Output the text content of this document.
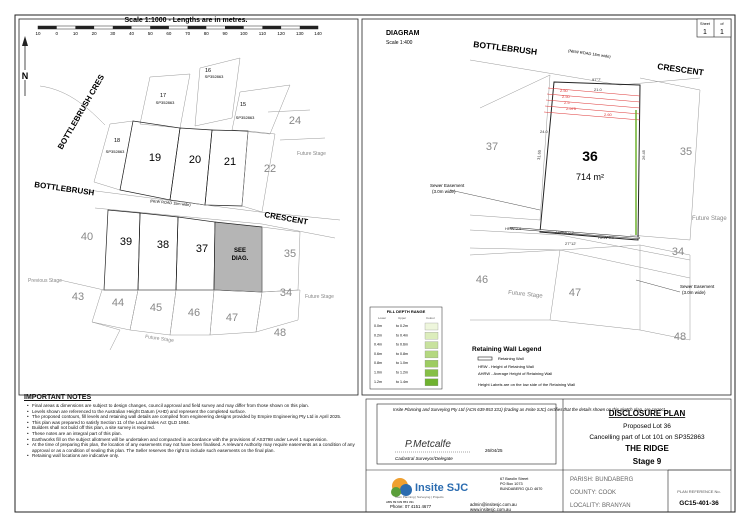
Scale 1:1000 - Lengths are in metres.
10	0	10	20	30	40	50	60	70	80	90	100	110	120 130 140
N	BOTTLEBRUSH CRES
BOTTLEBRUSH
CRESCENT
(NEW ROAD 15m wide)
16
SP352863
17
SP352863	15
SP352863
18
SP352863
19	20 21
22
24
40 39 38 37	35
34
43	44 45 46 47
48
SEE
DIAG.
Future Stage
Previous Stage
Future Stage
Future Stage
DIAGRAM
Scale 1:400	BOTTLEBRUSH
CRESCENT
(NEW ROAD 15m wide)
36
714 m²
37	35
34
46
47
48
Sewer Easement
(3.0m wide)
Sewer Easement
(3.0m wide)
Future Stage
Future Stage
97°7'
21.0
2.50
2.50
2.5
2.575
2.60
31.65	26.45
27°12'
24.0
HRW 0.4
AHRW 0.2
HRW 0.9
Sheet	of
1 1
FILL DEPTH RANGE
Lower	Upper	Colour
0.0m	to 0.2m
0.2m	to 0.4m
0.4m	to 0.6m
0.6m	to 0.8m
0.8m	to 1.0m
1.0m	to 1.2m
1.2m	to 1.4m
Retaining Wall Legend
Retaining Wall
HRW - Height of Retaining Wall
AHRW - Average Height of Retaining Wall
Height Labels are on the low side of the Retaining Wall
Insite Planning and Surveying Pty Ltd (ACN 639 853 331) (trading as Insite SJC) certifies that the details shown on this sketch plan, are correct.
P.Metcalfe
26/04/25
Cadastral Surveyor/Delegate
DISCLOSURE PLAN
Proposed Lot 36
Cancelling part of Lot 101 on SP352863
THE RIDGE
Stage 9
PARISH: BUNDABERG
COUNTY: COOK
LOCALITY: BRANYAN
PLAN REFERENCE No.
GC15-401-36
Insite SJC
Town Planning | Surveying | Projects
67 Barolin Street
PO Box 1073
BUNDABERG QLD 4670
Phone: 07 4151 4677	admin@insitesjc.com.au
www.insitesjc.com.au
ABN 89 639 853 331
IMPORTANT NOTES
• Final areas & dimensions are subject to design changes, council approval and field survey and may differ from those shown on this plan.
• Levels shown are referenced to the Australian Height Datum (AHD) and represent the completed surface.
• The proposed contours, fill levels and retaining wall details are compiled from engineering designs provided by Empire Engineering Pty Ltd in April 2025.
• This plan was prepared to satisfy Section 11 of the Land Sales Act QLD 1984.
• Builders shall not build off this plan, a site survey is required.
• These notes are an integral part of this plan.
• Earthworks fill on the subject allotment will be undertaken and compacted in accordance with the provisions of AS3798 under Level 1 supervision.
• At the time of preparing this plan, the location of any easements may not have been finalised. A relevant Authority may require easements as a condition of any approval or as a condition of sealing this plan. The Seller reserves the right to include such easements on the final plan.
• Retaining wall locations are indicative only.
